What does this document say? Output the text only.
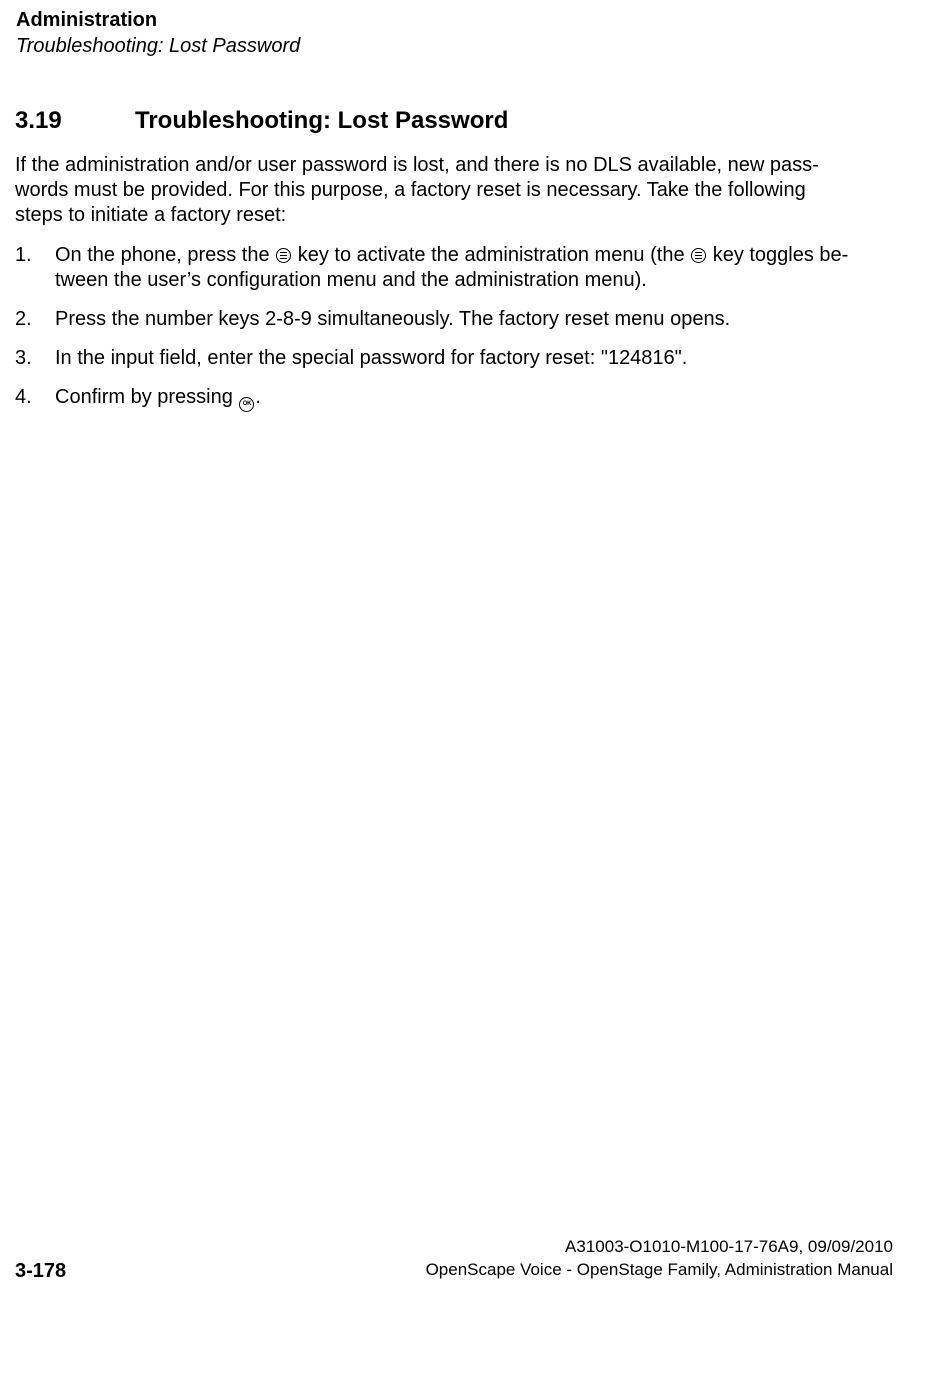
Administration
Troubleshooting: Lost Password
3.19	Troubleshooting: Lost Password
If the administration and/or user password is lost, and there is no DLS available, new pass-
words must be provided. For this purpose, a factory reset is necessary. Take the following
steps to initiate a factory reset:
1. On the phone, press the  key to activate the administration menu (the  key toggles be-
tween the user’s configuration menu and the administration menu).
2. Press the number keys 2-8-9 simultaneously. The factory reset menu opens.
3. In the input field, enter the special password for factory reset: "124816".
4. Confirm by pressing OK .
3-178
A31003-O1010-M100-17-76A9, 09/09/2010
OpenScape Voice - OpenStage Family, Administration Manual
